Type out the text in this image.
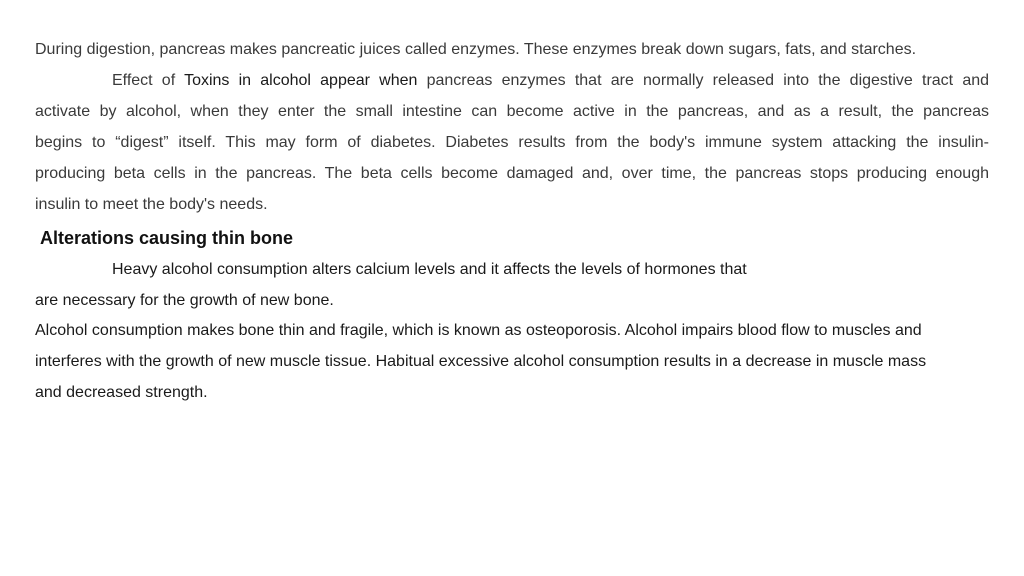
During digestion, pancreas makes pancreatic juices called enzymes. These enzymes break down sugars, fats, and starches.
Effect of Toxins in alcohol appear when pancreas enzymes that are normally released into the digestive tract and
activate by alcohol, when they enter the small intestine can become active in the pancreas, and as a result, the pancreas
begins to “digest” itself. This may form of diabetes. Diabetes results from the body's immune system attacking the insulin-
producing beta cells in the pancreas. The beta cells become damaged and, over time, the pancreas stops producing enough
insulin to meet the body's needs.
Alterations causing thin bone
Heavy alcohol consumption alters calcium levels and it affects the levels of hormones that
are necessary for the growth of new bone.
Alcohol consumption makes bone thin and fragile, which is known as osteoporosis. Alcohol impairs blood flow to muscles and
interferes with the growth of new muscle tissue. Habitual excessive alcohol consumption results in a decrease in muscle mass
and decreased strength.
